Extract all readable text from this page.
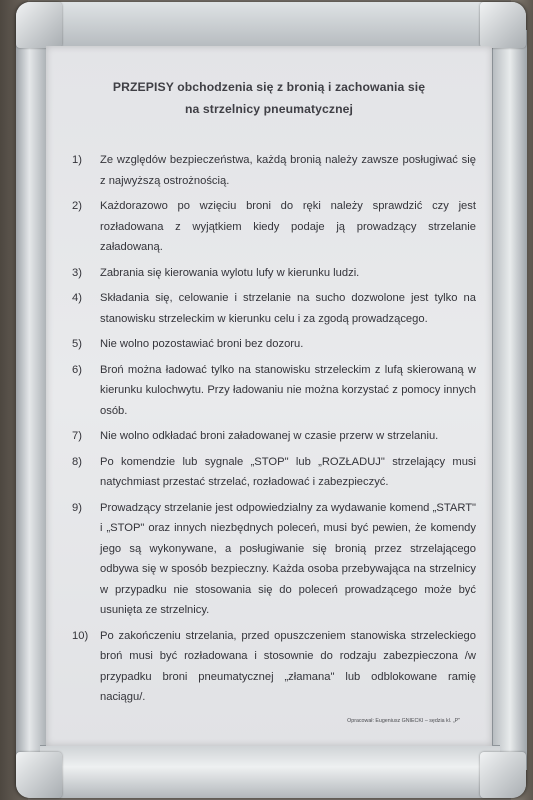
PRZEPISY obchodzenia się z bronią i zachowania się
na strzelnicy pneumatycznej
1)	Ze względów bezpieczeństwa, każdą bronią należy zawsze posługiwać się z najwyższą ostrożnością.
2)	Każdorazowo po wzięciu broni do ręki należy sprawdzić czy jest rozładowana z wyjątkiem kiedy podaje ją prowadzący strzelanie załadowaną.
3)	Zabrania się kierowania wylotu lufy w kierunku ludzi.
4)	Składania się, celowanie i strzelanie na sucho dozwolone jest tylko na stanowisku strzeleckim w kierunku celu i za zgodą prowadzącego.
5)	Nie wolno pozostawiać broni bez dozoru.
6)	Broń można ładować tylko na stanowisku strzeleckim z lufą skierowaną w kierunku kulochwytu. Przy ładowaniu nie można korzystać z pomocy innych osób.
7)	Nie wolno odkładać broni załadowanej w czasie przerw w strzelaniu.
8)	Po komendzie lub sygnale „STOP" lub „ROZŁADUJ" strzelający musi natychmiast przestać strzelać, rozładować i zabezpieczyć.
9)	Prowadzący strzelanie jest odpowiedzialny za wydawanie komend „START" i „STOP" oraz innych niezbędnych poleceń, musi być pewien, że komendy jego są wykonywane, a posługiwanie się bronią przez strzelającego odbywa się w sposób bezpieczny. Każda osoba przebywająca na strzelnicy w przypadku nie stosowania się do poleceń prowadzącego może być usunięta ze strzelnicy.
10)	Po zakończeniu strzelania, przed opuszczeniem stanowiska strzeleckiego broń musi być rozładowana i stosownie do rodzaju zabezpieczona /w przypadku broni pneumatycznej „złamana" lub odblokowane ramię naciągu/.
Opracował: Eugeniusz GNIECKI – sędzia kl. „P"
